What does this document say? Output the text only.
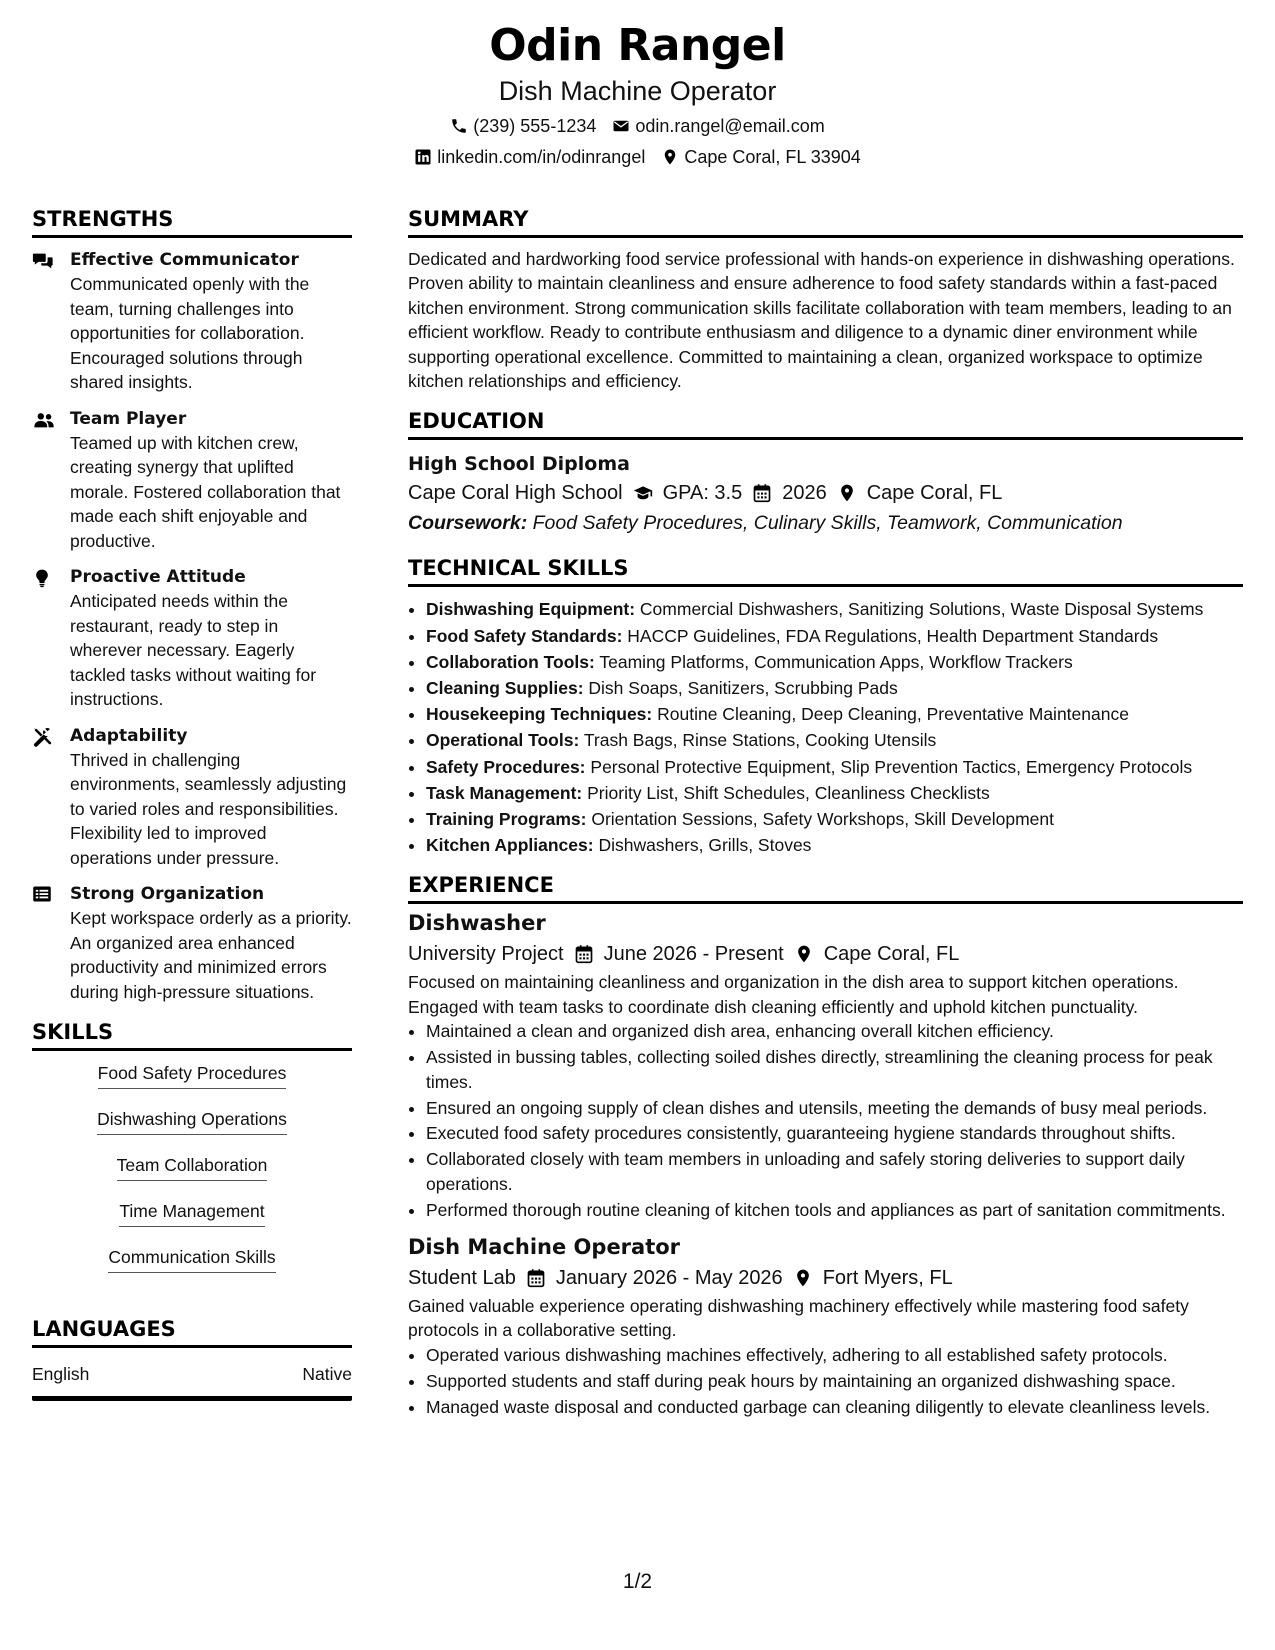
Odin Rangel
Dish Machine Operator
(239) 555-1234 odin.rangel@email.com
linkedin.com/in/odinrangel Cape Coral, FL 33904
STRENGTHS
Effective Communicator
Communicated openly with the team, turning challenges into opportunities for collaboration. Encouraged solutions through shared insights.
Team Player
Teamed up with kitchen crew, creating synergy that uplifted morale. Fostered collaboration that made each shift enjoyable and productive.
Proactive Attitude
Anticipated needs within the restaurant, ready to step in wherever necessary. Eagerly tackled tasks without waiting for instructions.
Adaptability
Thrived in challenging environments, seamlessly adjusting to varied roles and responsibilities. Flexibility led to improved operations under pressure.
Strong Organization
Kept workspace orderly as a priority. An organized area enhanced productivity and minimized errors during high-pressure situations.
SKILLS
Food Safety Procedures
Dishwashing Operations
Team Collaboration
Time Management
Communication Skills
LANGUAGES
English	Native
SUMMARY

Dedicated and hardworking food service professional with hands-on experience in dishwashing operations. Proven ability to maintain cleanliness and ensure adherence to food safety standards within a fast-paced kitchen environment. Strong communication skills facilitate collaboration with team members, leading to an efficient workflow. Ready to contribute enthusiasm and diligence to a dynamic diner environment while supporting operational excellence. Committed to maintaining a clean, organized workspace to optimize kitchen relationships and efficiency.

EDUCATION
High School Diploma
Cape Coral High School GPA: 3.5 2026 Cape Coral, FL
Coursework: Food Safety Procedures, Culinary Skills, Teamwork, Communication
TECHNICAL SKILLS
• Dishwashing Equipment: Commercial Dishwashers, Sanitizing Solutions, Waste Disposal Systems
• Food Safety Standards: HACCP Guidelines, FDA Regulations, Health Department Standards
• Collaboration Tools: Teaming Platforms, Communication Apps, Workflow Trackers
• Cleaning Supplies: Dish Soaps, Sanitizers, Scrubbing Pads
• Housekeeping Techniques: Routine Cleaning, Deep Cleaning, Preventative Maintenance
• Operational Tools: Trash Bags, Rinse Stations, Cooking Utensils
• Safety Procedures: Personal Protective Equipment, Slip Prevention Tactics, Emergency Protocols
• Task Management: Priority List, Shift Schedules, Cleanliness Checklists
• Training Programs: Orientation Sessions, Safety Workshops, Skill Development
• Kitchen Appliances: Dishwashers, Grills, Stoves
EXPERIENCE
Dishwasher
University Project June 2026 - Present Cape Coral, FL

Focused on maintaining cleanliness and organization in the dish area to support kitchen operations. Engaged with team tasks to coordinate dish cleaning efficiently and uphold kitchen punctuality.

• Maintained a clean and organized dish area, enhancing overall kitchen efficiency.
• Assisted in bussing tables, collecting soiled dishes directly, streamlining the cleaning process for peak times.
• Ensured an ongoing supply of clean dishes and utensils, meeting the demands of busy meal periods.
• Executed food safety procedures consistently, guaranteeing hygiene standards throughout shifts.
• Collaborated closely with team members in unloading and safely storing deliveries to support daily operations.
• Performed thorough routine cleaning of kitchen tools and appliances as part of sanitation commitments.
Dish Machine Operator
Student Lab January 2026 - May 2026 Fort Myers, FL

Gained valuable experience operating dishwashing machinery effectively while mastering food safety protocols in a collaborative setting.

• Operated various dishwashing machines effectively, adhering to all established safety protocols.
• Supported students and staff during peak hours by maintaining an organized dishwashing space.
• Managed waste disposal and conducted garbage can cleaning diligently to elevate cleanliness levels.
1/2
